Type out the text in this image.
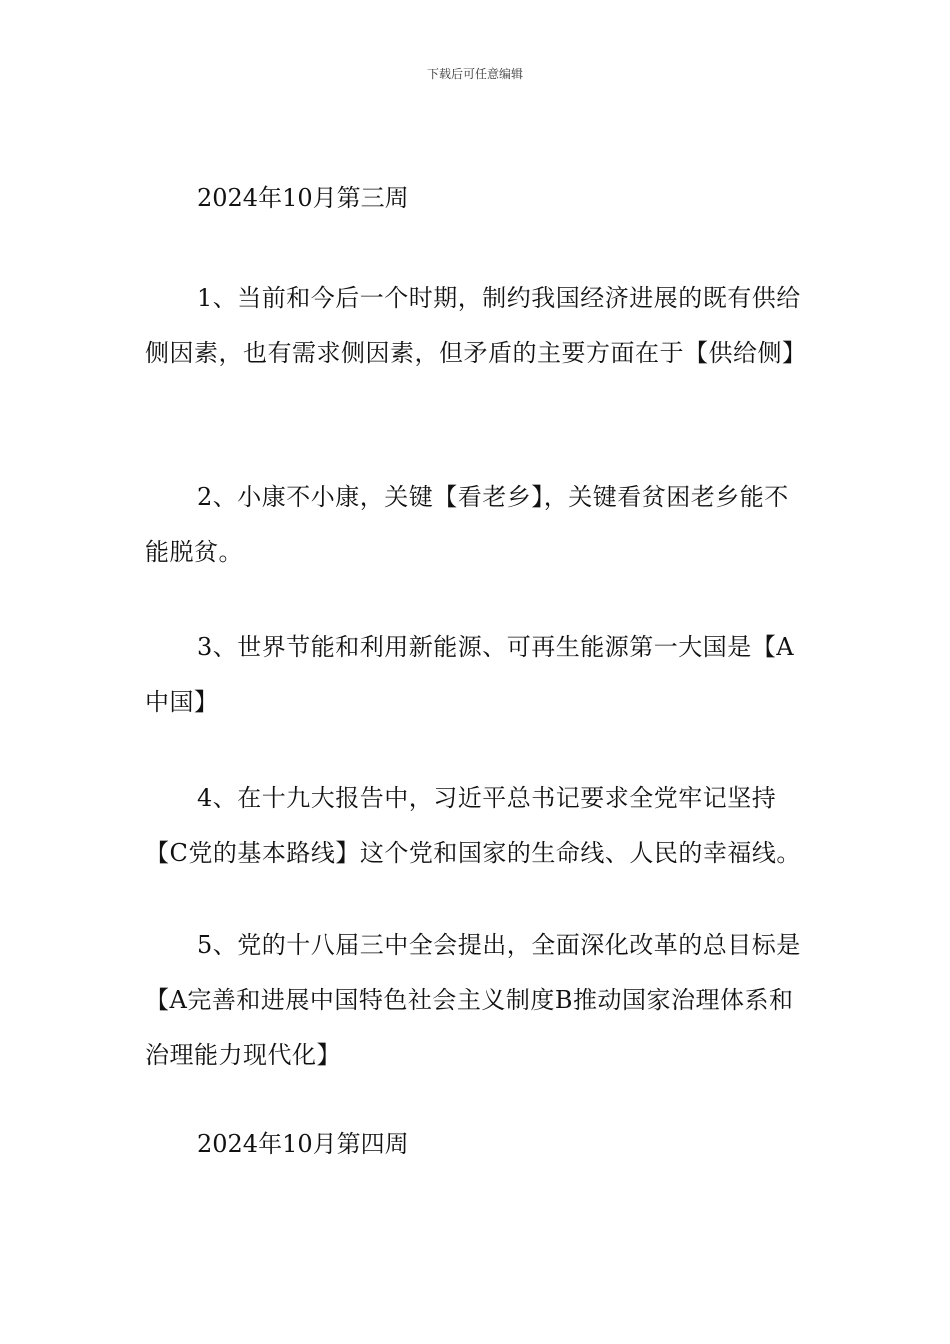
下载后可任意编辑

2024年10月第三周

1、当前和今后一个时期，制约我国经济进展的既有供给侧因素，也有需求侧因素，但矛盾的主要方面在于【供给侧】

2、小康不小康，关键【看老乡】，关键看贫困老乡能不能脱贫。

3、世界节能和利用新能源、可再生能源第一大国是【A中国】

4、在十九大报告中，习近平总书记要求全党牢记坚持【C党的基本路线】这个党和国家的生命线、人民的幸福线。

5、党的十八届三中全会提出，全面深化改革的总目标是【A完善和进展中国特色社会主义制度B推动国家治理体系和治理能力现代化】

2024年10月第四周
